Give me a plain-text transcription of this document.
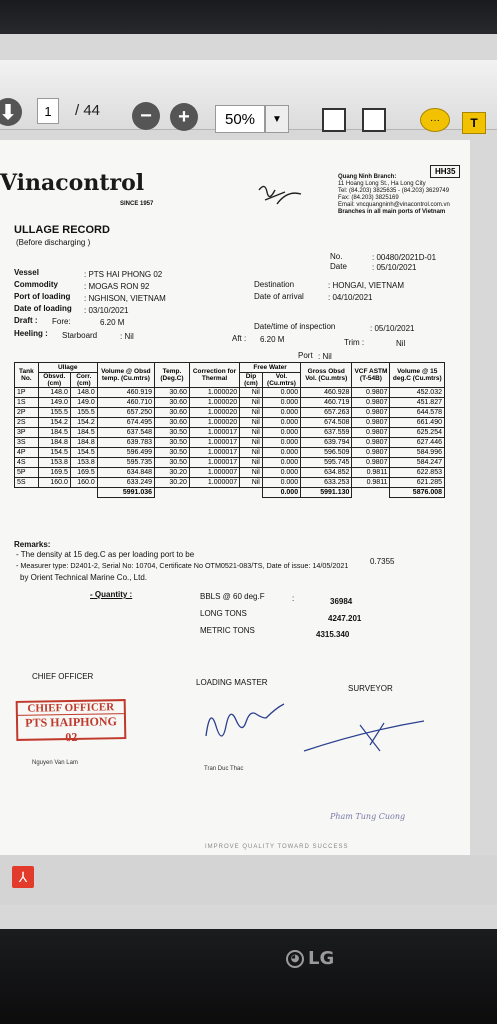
⬇	1	/ 44	−	+	50%	▼	···	T
Vinacontrol
SINCE 1957
HH35
Quang Ninh Branch:
11 Hoang Long St., Ha Long City
Tel: (84.203) 3825635 - (84.203) 3629749
Fax: (84.203) 3825169
Email: vncquangninh@vinacontrol.com.vn
Branches in all main ports of Vietnam
ULLAGE RECORD
(Before discharging )
No.	: 00480/2021D-01
Date	: 05/10/2021
Vessel	: PTS HAI PHONG 02
Commodity	: MOGAS RON 92
Port of loading : NGHISON, VIETNAM
Date of loading : 03/10/2021
Draft : Fore:	6.20 M
Heeling : Starboard	: Nil
Destination	: HONGAI, VIETNAM
Date of arrival	: 04/10/2021
Date/time of inspection	: 05/10/2021
Aft : 6.20 M	Trim :	Nil
Port : Nil
Tank No.	Ullage		Volume @ Obsd temp. (Cu.mtrs)	Temp. (Deg.C)	Correction for Thermal	Free Water		Gross Obsd Vol. (Cu.mtrs)	VCF ASTM (T-54B)	Volume @ 15 deg.C (Cu.mtrs)
	Obsvd. (cm)	Corr. (cm)				Dip (cm)	Vol. (Cu.mtrs)			
1P	148.0	148.0	460.919	30.60	1.000020	Nil	0.000	460.928	0.9807	452.032
1S	149.0	149.0	460.710	30.60	1.000020	Nil	0.000	460.719	0.9807	451.827
2P	155.5	155.5	657.250	30.60	1.000020	Nil	0.000	657.263	0.9807	644.578
2S	154.2	154.2	674.495	30.60	1.000020	Nil	0.000	674.508	0.9807	661.490
3P	184.5	184.5	637.548	30.50	1.000017	Nil	0.000	637.559	0.9807	625.254
3S	184.8	184.8	639.783	30.50	1.000017	Nil	0.000	639.794	0.9807	627.446
4P	154.5	154.5	596.499	30.50	1.000017	Nil	0.000	596.509	0.9807	584.996
4S	153.8	153.8	595.735	30.50	1.000017	Nil	0.000	595.745	0.9807	584.247
5P	169.5	169.5	634.848	30.20	1.000007	Nil	0.000	634.852	0.9811	622.853
5S	160.0	160.0	633.249	30.20	1.000007	Nil	0.000	633.253	0.9811	621.285
			5991.036				0.000	5991.130		5876.008
Remarks:
- The density at 15 deg.C as per loading port to be
0.7355
- Measurer type: D2401-2, Serial No: 10704, Certificate No OTM0521-083/TS, Date of issue: 14/05/2021
by Orient Technical Marine Co., Ltd.
- Quantity :	BBLS @ 60 deg.F	:	36984
LONG TONS
4247.201
METRIC TONS	4315.340
CHIEF OFFICER
LOADING MASTER
SURVEYOR
CHIEF OFFICER
PTS HAIPHONG 02
Nguyen Van Lam
Tran Duc Thac
Pham Tung Cuong
IMPROVE QUALITY TOWARD SUCCESS
⅄
◕ LG
